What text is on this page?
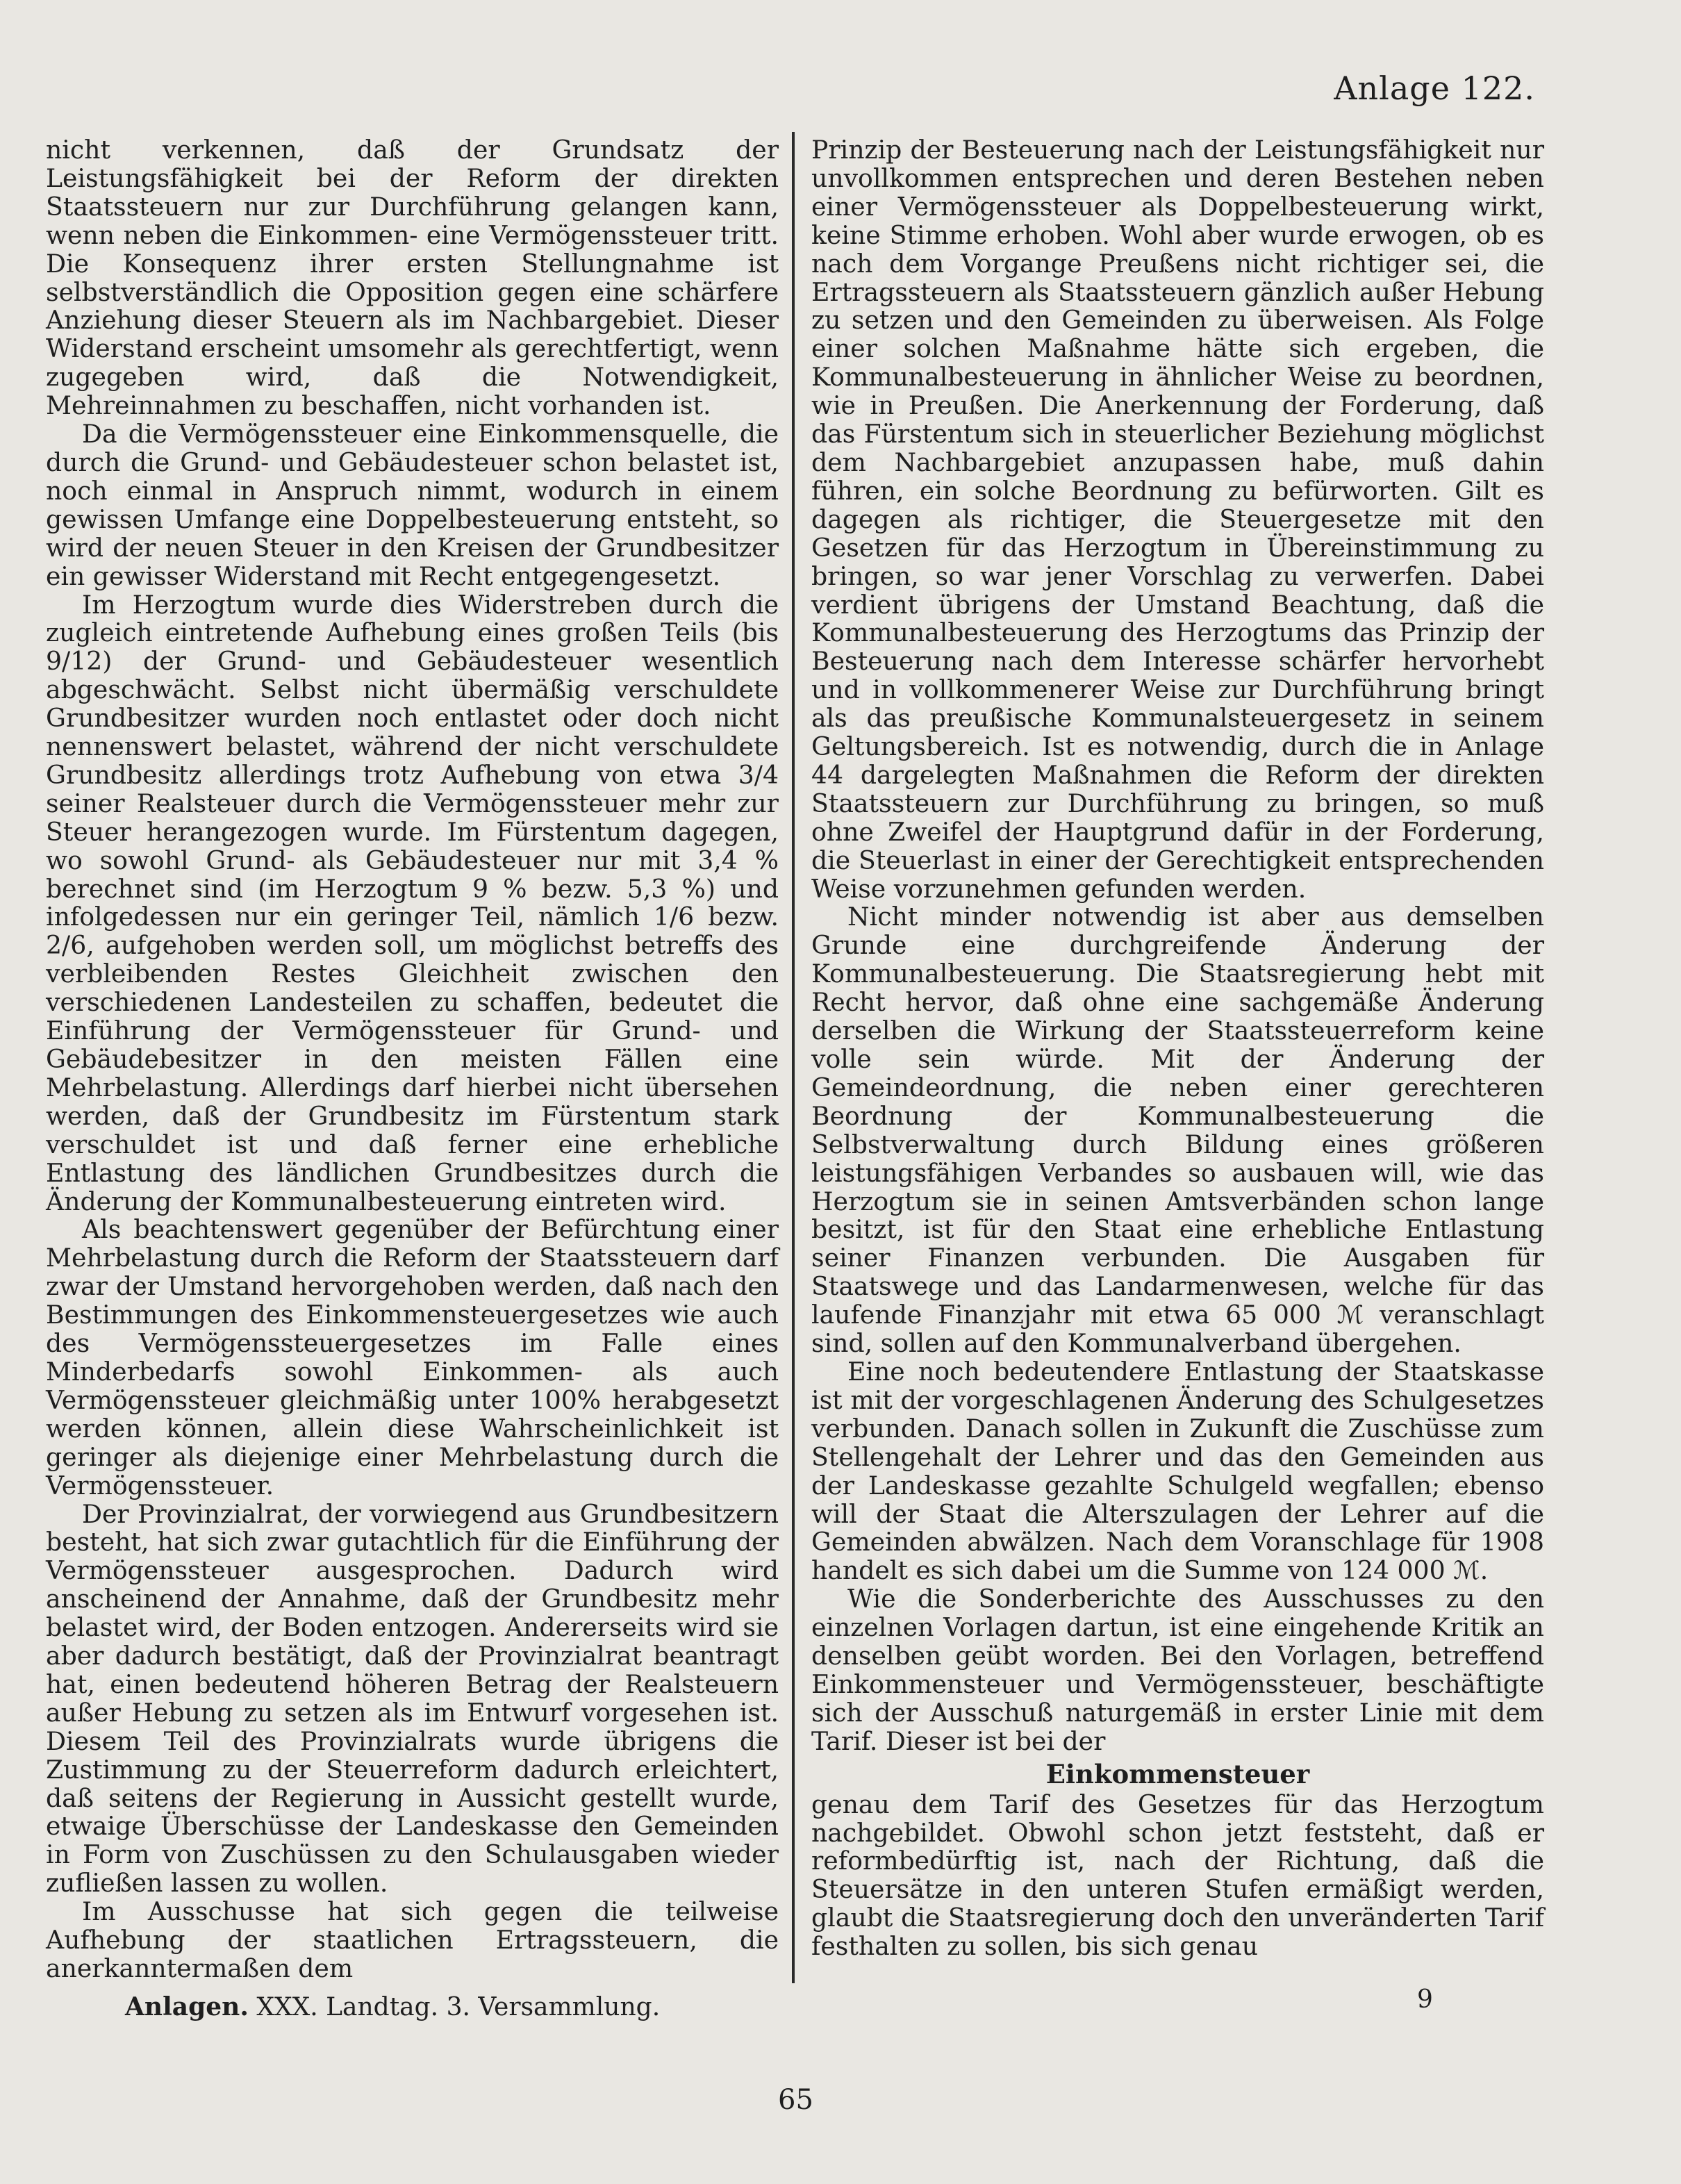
Anlage 122.

nicht verkennen, daß der Grundsatz der Leistungsfähigkeit bei der Reform der direkten Staatssteuern nur zur Durchführung gelangen kann, wenn neben die Einkommen- eine Vermögenssteuer tritt. Die Konsequenz ihrer ersten Stellungnahme ist selbstverständlich die Opposition gegen eine schärfere Anziehung dieser Steuern als im Nachbargebiet. Dieser Widerstand erscheint umsomehr als gerechtfertigt, wenn zugegeben wird, daß die Notwendigkeit, Mehreinnahmen zu beschaffen, nicht vorhanden ist.

Da die Vermögenssteuer eine Einkommensquelle, die durch die Grund- und Gebäudesteuer schon belastet ist, noch einmal in Anspruch nimmt, wodurch in einem gewissen Umfange eine Doppelbesteuerung entsteht, so wird der neuen Steuer in den Kreisen der Grundbesitzer ein gewisser Widerstand mit Recht entgegengesetzt.

Im Herzogtum wurde dies Widerstreben durch die zugleich eintretende Aufhebung eines großen Teils (bis 9/12) der Grund- und Gebäudesteuer wesentlich abgeschwächt. Selbst nicht übermäßig verschuldete Grundbesitzer wurden noch entlastet oder doch nicht nennenswert belastet, während der nicht verschuldete Grundbesitz allerdings trotz Aufhebung von etwa 3/4 seiner Realsteuer durch die Vermögenssteuer mehr zur Steuer herangezogen wurde. Im Fürstentum dagegen, wo sowohl Grund- als Gebäudesteuer nur mit 3,4 % berechnet sind (im Herzogtum 9 % bezw. 5,3 %) und infolgedessen nur ein geringer Teil, nämlich 1/6 bezw. 2/6, aufgehoben werden soll, um möglichst betreffs des verbleibenden Restes Gleichheit zwischen den verschiedenen Landesteilen zu schaffen, bedeutet die Einführung der Vermögenssteuer für Grund- und Gebäudebesitzer in den meisten Fällen eine Mehrbelastung. Allerdings darf hierbei nicht übersehen werden, daß der Grundbesitz im Fürstentum stark verschuldet ist und daß ferner eine erhebliche Entlastung des ländlichen Grundbesitzes durch die Änderung der Kommunalbesteuerung eintreten wird.

Als beachtenswert gegenüber der Befürchtung einer Mehrbelastung durch die Reform der Staatssteuern darf zwar der Umstand hervorgehoben werden, daß nach den Bestimmungen des Einkommensteuergesetzes wie auch des Vermögenssteuergesetzes im Falle eines Minderbedarfs sowohl Einkommen- als auch Vermögenssteuer gleichmäßig unter 100% herabgesetzt werden können, allein diese Wahrscheinlichkeit ist geringer als diejenige einer Mehrbelastung durch die Vermögenssteuer.

Der Provinzialrat, der vorwiegend aus Grundbesitzern besteht, hat sich zwar gutachtlich für die Einführung der Vermögenssteuer ausgesprochen. Dadurch wird anscheinend der Annahme, daß der Grundbesitz mehr belastet wird, der Boden entzogen. Andererseits wird sie aber dadurch bestätigt, daß der Provinzialrat beantragt hat, einen bedeutend höheren Betrag der Realsteuern außer Hebung zu setzen als im Entwurf vorgesehen ist. Diesem Teil des Provinzialrats wurde übrigens die Zustimmung zu der Steuerreform dadurch erleichtert, daß seitens der Regierung in Aussicht gestellt wurde, etwaige Überschüsse der Landeskasse den Gemeinden in Form von Zuschüssen zu den Schulausgaben wieder zufließen lassen zu wollen.

Im Ausschusse hat sich gegen die teilweise Aufhebung der staatlichen Ertragssteuern, die anerkanntermaßen dem

Prinzip der Besteuerung nach der Leistungsfähigkeit nur unvollkommen entsprechen und deren Bestehen neben einer Vermögenssteuer als Doppelbesteuerung wirkt, keine Stimme erhoben. Wohl aber wurde erwogen, ob es nach dem Vorgange Preußens nicht richtiger sei, die Ertragssteuern als Staatssteuern gänzlich außer Hebung zu setzen und den Gemeinden zu überweisen. Als Folge einer solchen Maßnahme hätte sich ergeben, die Kommunalbesteuerung in ähnlicher Weise zu beordnen, wie in Preußen. Die Anerkennung der Forderung, daß das Fürstentum sich in steuerlicher Beziehung möglichst dem Nachbargebiet anzupassen habe, muß dahin führen, ein solche Beordnung zu befürworten. Gilt es dagegen als richtiger, die Steuergesetze mit den Gesetzen für das Herzogtum in Übereinstimmung zu bringen, so war jener Vorschlag zu verwerfen. Dabei verdient übrigens der Umstand Beachtung, daß die Kommunalbesteuerung des Herzogtums das Prinzip der Besteuerung nach dem Interesse schärfer hervorhebt und in vollkommenerer Weise zur Durchführung bringt als das preußische Kommunalsteuergesetz in seinem Geltungsbereich. Ist es notwendig, durch die in Anlage 44 dargelegten Maßnahmen die Reform der direkten Staatssteuern zur Durchführung zu bringen, so muß ohne Zweifel der Hauptgrund dafür in der Forderung, die Steuerlast in einer der Gerechtigkeit entsprechenden Weise vorzunehmen gefunden werden.

Nicht minder notwendig ist aber aus demselben Grunde eine durchgreifende Änderung der Kommunalbesteuerung. Die Staatsregierung hebt mit Recht hervor, daß ohne eine sachgemäße Änderung derselben die Wirkung der Staatssteuerreform keine volle sein würde. Mit der Änderung der Gemeindeordnung, die neben einer gerechteren Beordnung der Kommunalbesteuerung die Selbstverwaltung durch Bildung eines größeren leistungsfähigen Verbandes so ausbauen will, wie das Herzogtum sie in seinen Amtsverbänden schon lange besitzt, ist für den Staat eine erhebliche Entlastung seiner Finanzen verbunden. Die Ausgaben für Staatswege und das Landarmenwesen, welche für das laufende Finanzjahr mit etwa 65 000 ℳ veranschlagt sind, sollen auf den Kommunalverband übergehen.

Eine noch bedeutendere Entlastung der Staatskasse ist mit der vorgeschlagenen Änderung des Schulgesetzes verbunden. Danach sollen in Zukunft die Zuschüsse zum Stellengehalt der Lehrer und das den Gemeinden aus der Landeskasse gezahlte Schulgeld wegfallen; ebenso will der Staat die Alterszulagen der Lehrer auf die Gemeinden abwälzen. Nach dem Voranschlage für 1908 handelt es sich dabei um die Summe von 124 000 ℳ.

Wie die Sonderberichte des Ausschusses zu den einzelnen Vorlagen dartun, ist eine eingehende Kritik an denselben geübt worden. Bei den Vorlagen, betreffend Einkommensteuer und Vermögenssteuer, beschäftigte sich der Ausschuß naturgemäß in erster Linie mit dem Tarif. Dieser ist bei der

Einkommensteuer

genau dem Tarif des Gesetzes für das Herzogtum nachgebildet. Obwohl schon jetzt feststeht, daß er reformbedürftig ist, nach der Richtung, daß die Steuersätze in den unteren Stufen ermäßigt werden, glaubt die Staatsregierung doch den unveränderten Tarif festhalten zu sollen, bis sich genau

Anlagen. XXX. Landtag. 3. Versammlung.	9
65
